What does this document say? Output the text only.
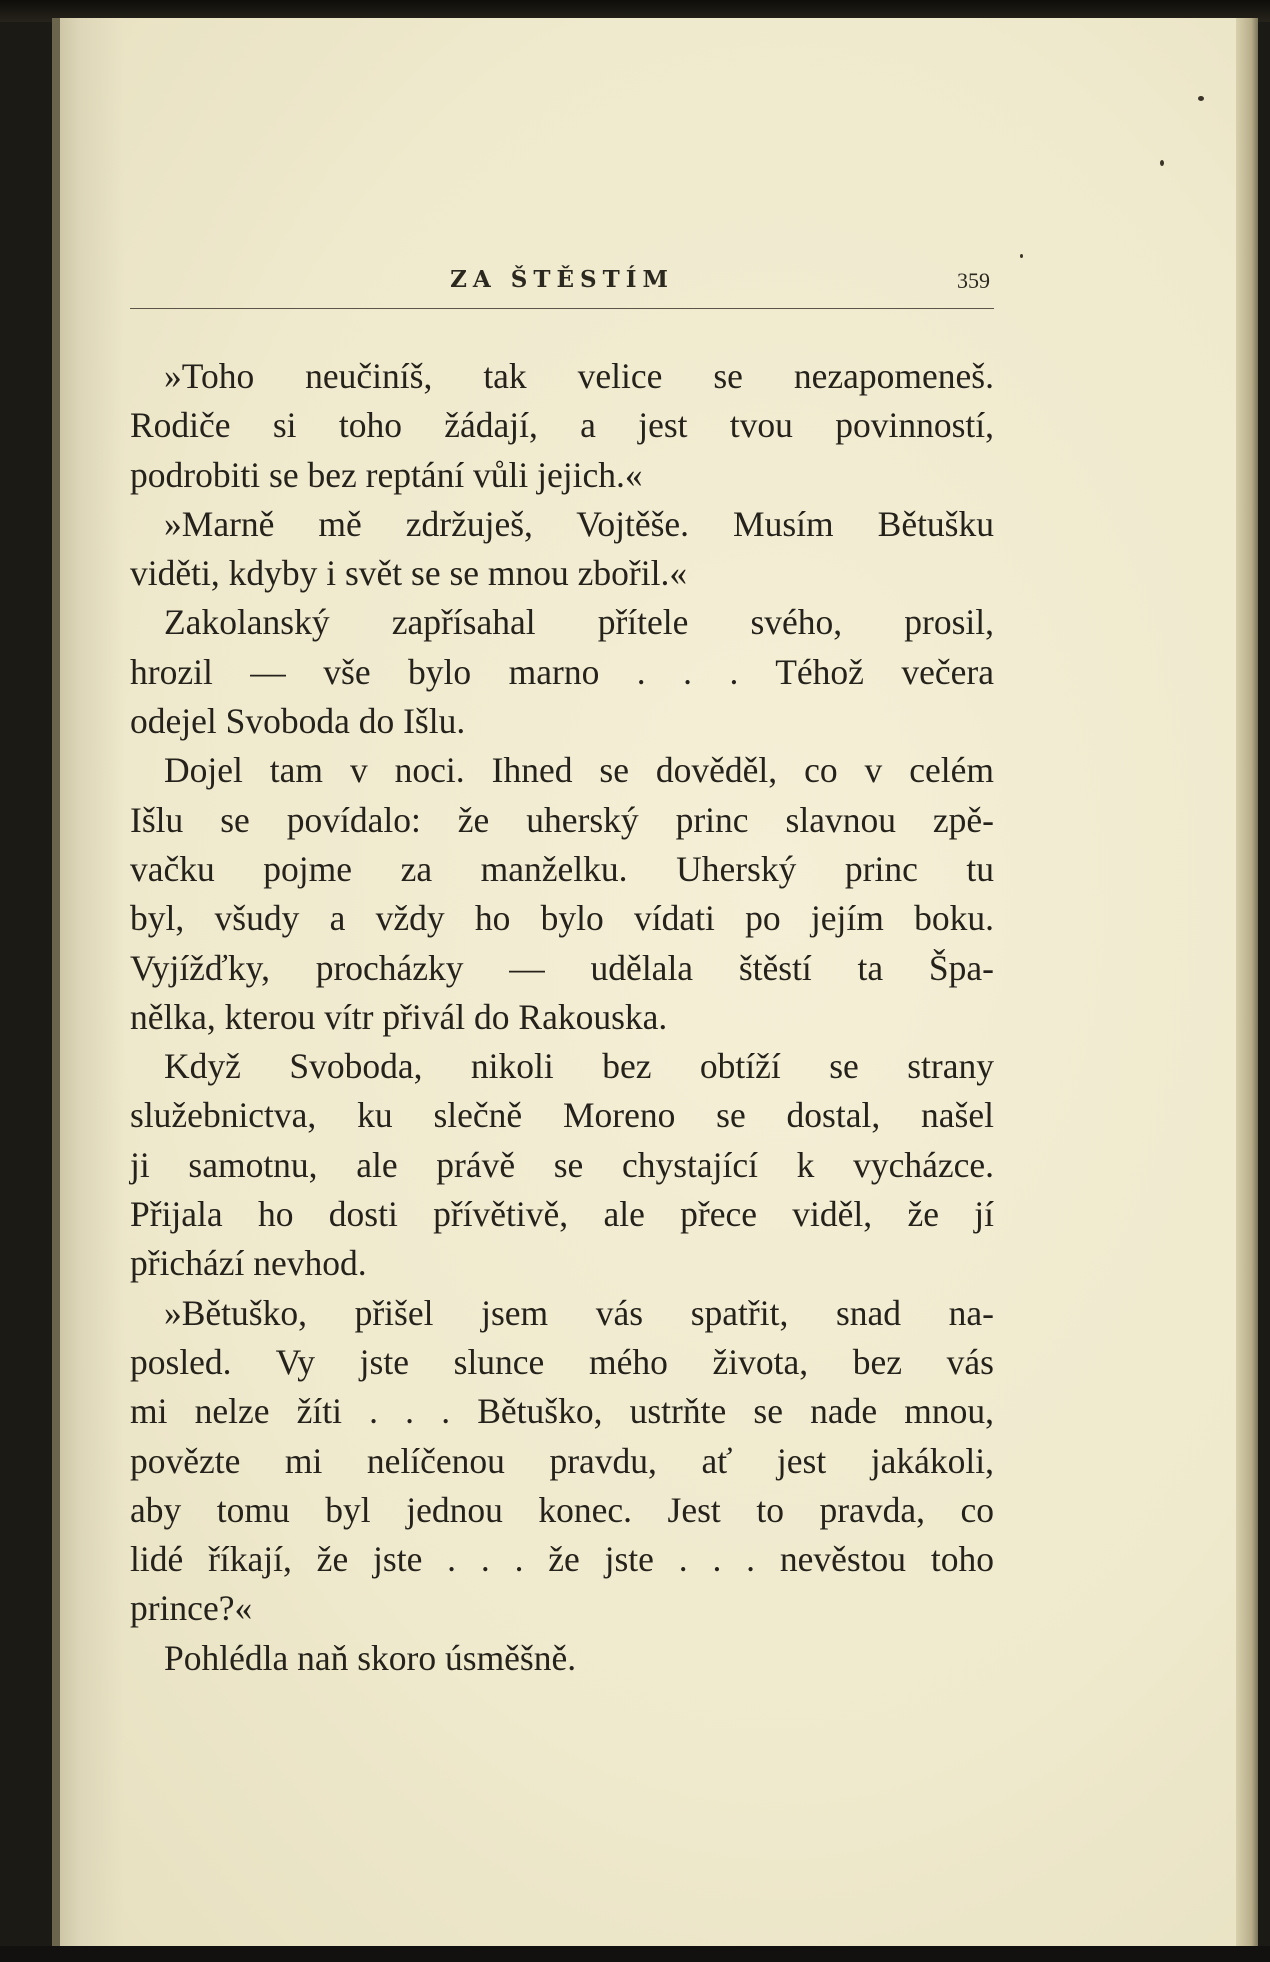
ZA ŠTĚSTÍM	359
»Toho neučiníš, tak velice se nezapomeneš.
Rodiče si toho žádají, a jest tvou povinností,
podrobiti se bez reptání vůli jejich.«
»Marně mě zdržuješ, Vojtěše. Musím Bětušku
viděti, kdyby i svět se se mnou zbořil.«
Zakolanský zapřísahal přítele svého, prosil,
hrozil — vše bylo marno . . . Téhož večera
odejel Svoboda do Išlu.
Dojel tam v noci. Ihned se dověděl, co v celém
Išlu se povídalo: že uherský princ slavnou zpě-
vačku pojme za manželku. Uherský princ tu
byl, všudy a vždy ho bylo vídati po jejím boku.
Vyjížďky, procházky — udělala štěstí ta Špa-
nělka, kterou vítr přivál do Rakouska.
Když Svoboda, nikoli bez obtíží se strany
služebnictva, ku slečně Moreno se dostal, našel
ji samotnu, ale právě se chystající k vycházce.
Přijala ho dosti přívětivě, ale přece viděl, že jí
přichází nevhod.
»Bětuško, přišel jsem vás spatřit, snad na-
posled. Vy jste slunce mého života, bez vás
mi nelze žíti . . . Bětuško, ustrňte se nade mnou,
povězte mi nelíčenou pravdu, ať jest jakákoli,
aby tomu byl jednou konec. Jest to pravda, co
lidé říkají, že jste . . . že jste . . . nevěstou toho
prince?«
Pohlédla naň skoro úsměšně.
